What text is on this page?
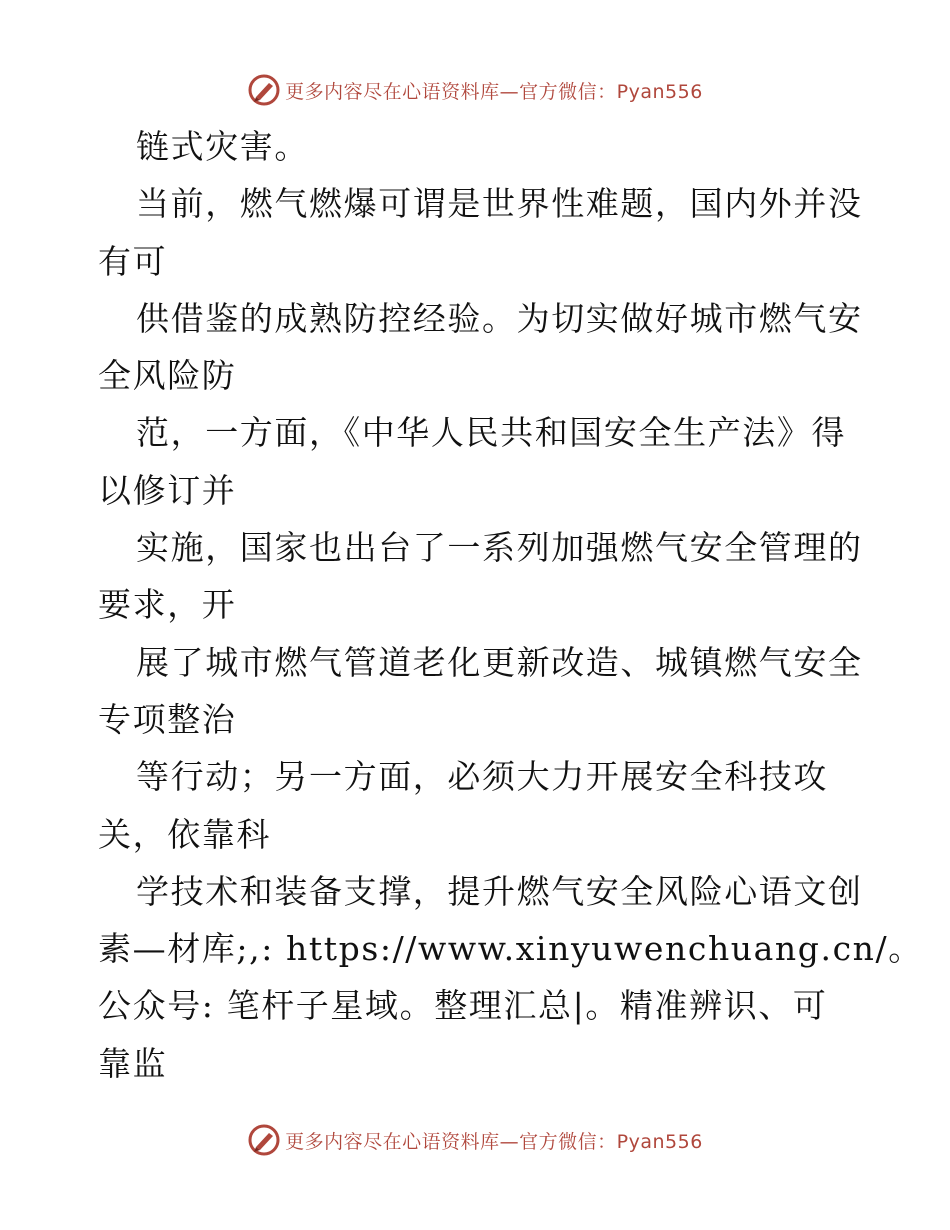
更多内容尽在心语资料库—官方微信：Pyan556
链式灾害。
当前，燃气燃爆可谓是世界性难题，国内外并没
有可
供借鉴的成熟防控经验。为切实做好城市燃气安
全风险防
范，一方面，《中华人民共和国安全生产法》得
以修订并
实施，国家也出台了一系列加强燃气安全管理的
要求，开
展了城市燃气管道老化更新改造、城镇燃气安全
专项整治
等行动；另一方面，必须大力开展安全科技攻
关，依靠科
学技术和装备支撑，提升燃气安全风险心语文创
素—材库;,: https://www.xinyuwenchuang.cn/。
公众号: 笔杆子星域。整理汇总|。精准辨识、可
靠监
更多内容尽在心语资料库—官方微信：Pyan556
